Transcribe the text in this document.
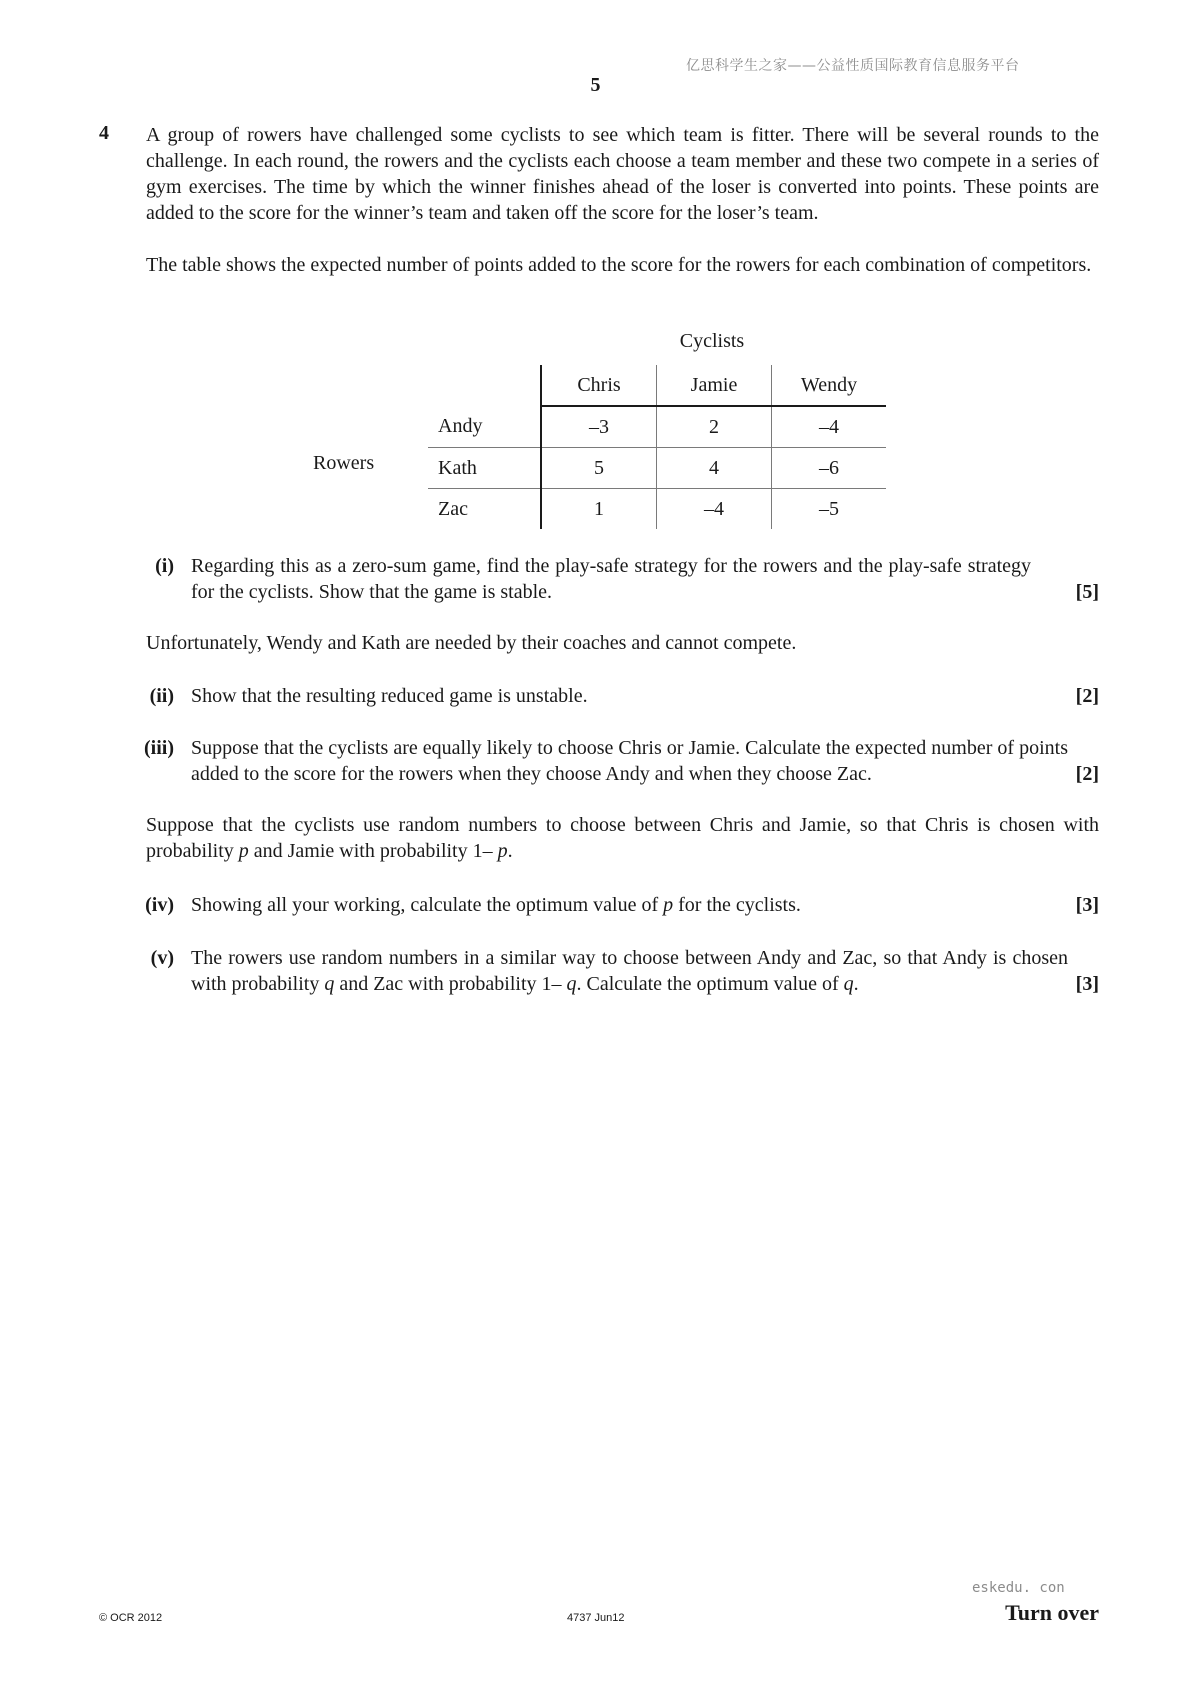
亿思科学生之家——公益性质国际教育信息服务平台
5
4 A group of rowers have challenged some cyclists to see which team is fitter. There will be several rounds to the challenge. In each round, the rowers and the cyclists each choose a team member and these two compete in a series of gym exercises. The time by which the winner finishes ahead of the loser is converted into points. These points are added to the score for the winner’s team and taken off the score for the loser’s team.
The table shows the expected number of points added to the score for the rowers for each combination of competitors.
Cyclists
Rowers
	Chris	Jamie	Wendy
Andy	–3	2	–4
Kath	5	4	–6
Zac	1	–4	–5
(i) Regarding this as a zero-sum game, find the play-safe strategy for the rowers and the play-safe strategy for the cyclists. Show that the game is stable.	[5]
Unfortunately, Wendy and Kath are needed by their coaches and cannot compete.
(ii) Show that the resulting reduced game is unstable.	[2]
(iii) Suppose that the cyclists are equally likely to choose Chris or Jamie. Calculate the expected number of points added to the score for the rowers when they choose Andy and when they choose Zac.	[2]
Suppose that the cyclists use random numbers to choose between Chris and Jamie, so that Chris is chosen with probability p and Jamie with probability 1– p.
(iv) Showing all your working, calculate the optimum value of p for the cyclists.	[3]
(v) The rowers use random numbers in a similar way to choose between Andy and Zac, so that Andy is chosen with probability q and Zac with probability 1– q. Calculate the optimum value of q.	[3]
eskedu. con
© OCR 2012	4737 Jun12	Turn over
